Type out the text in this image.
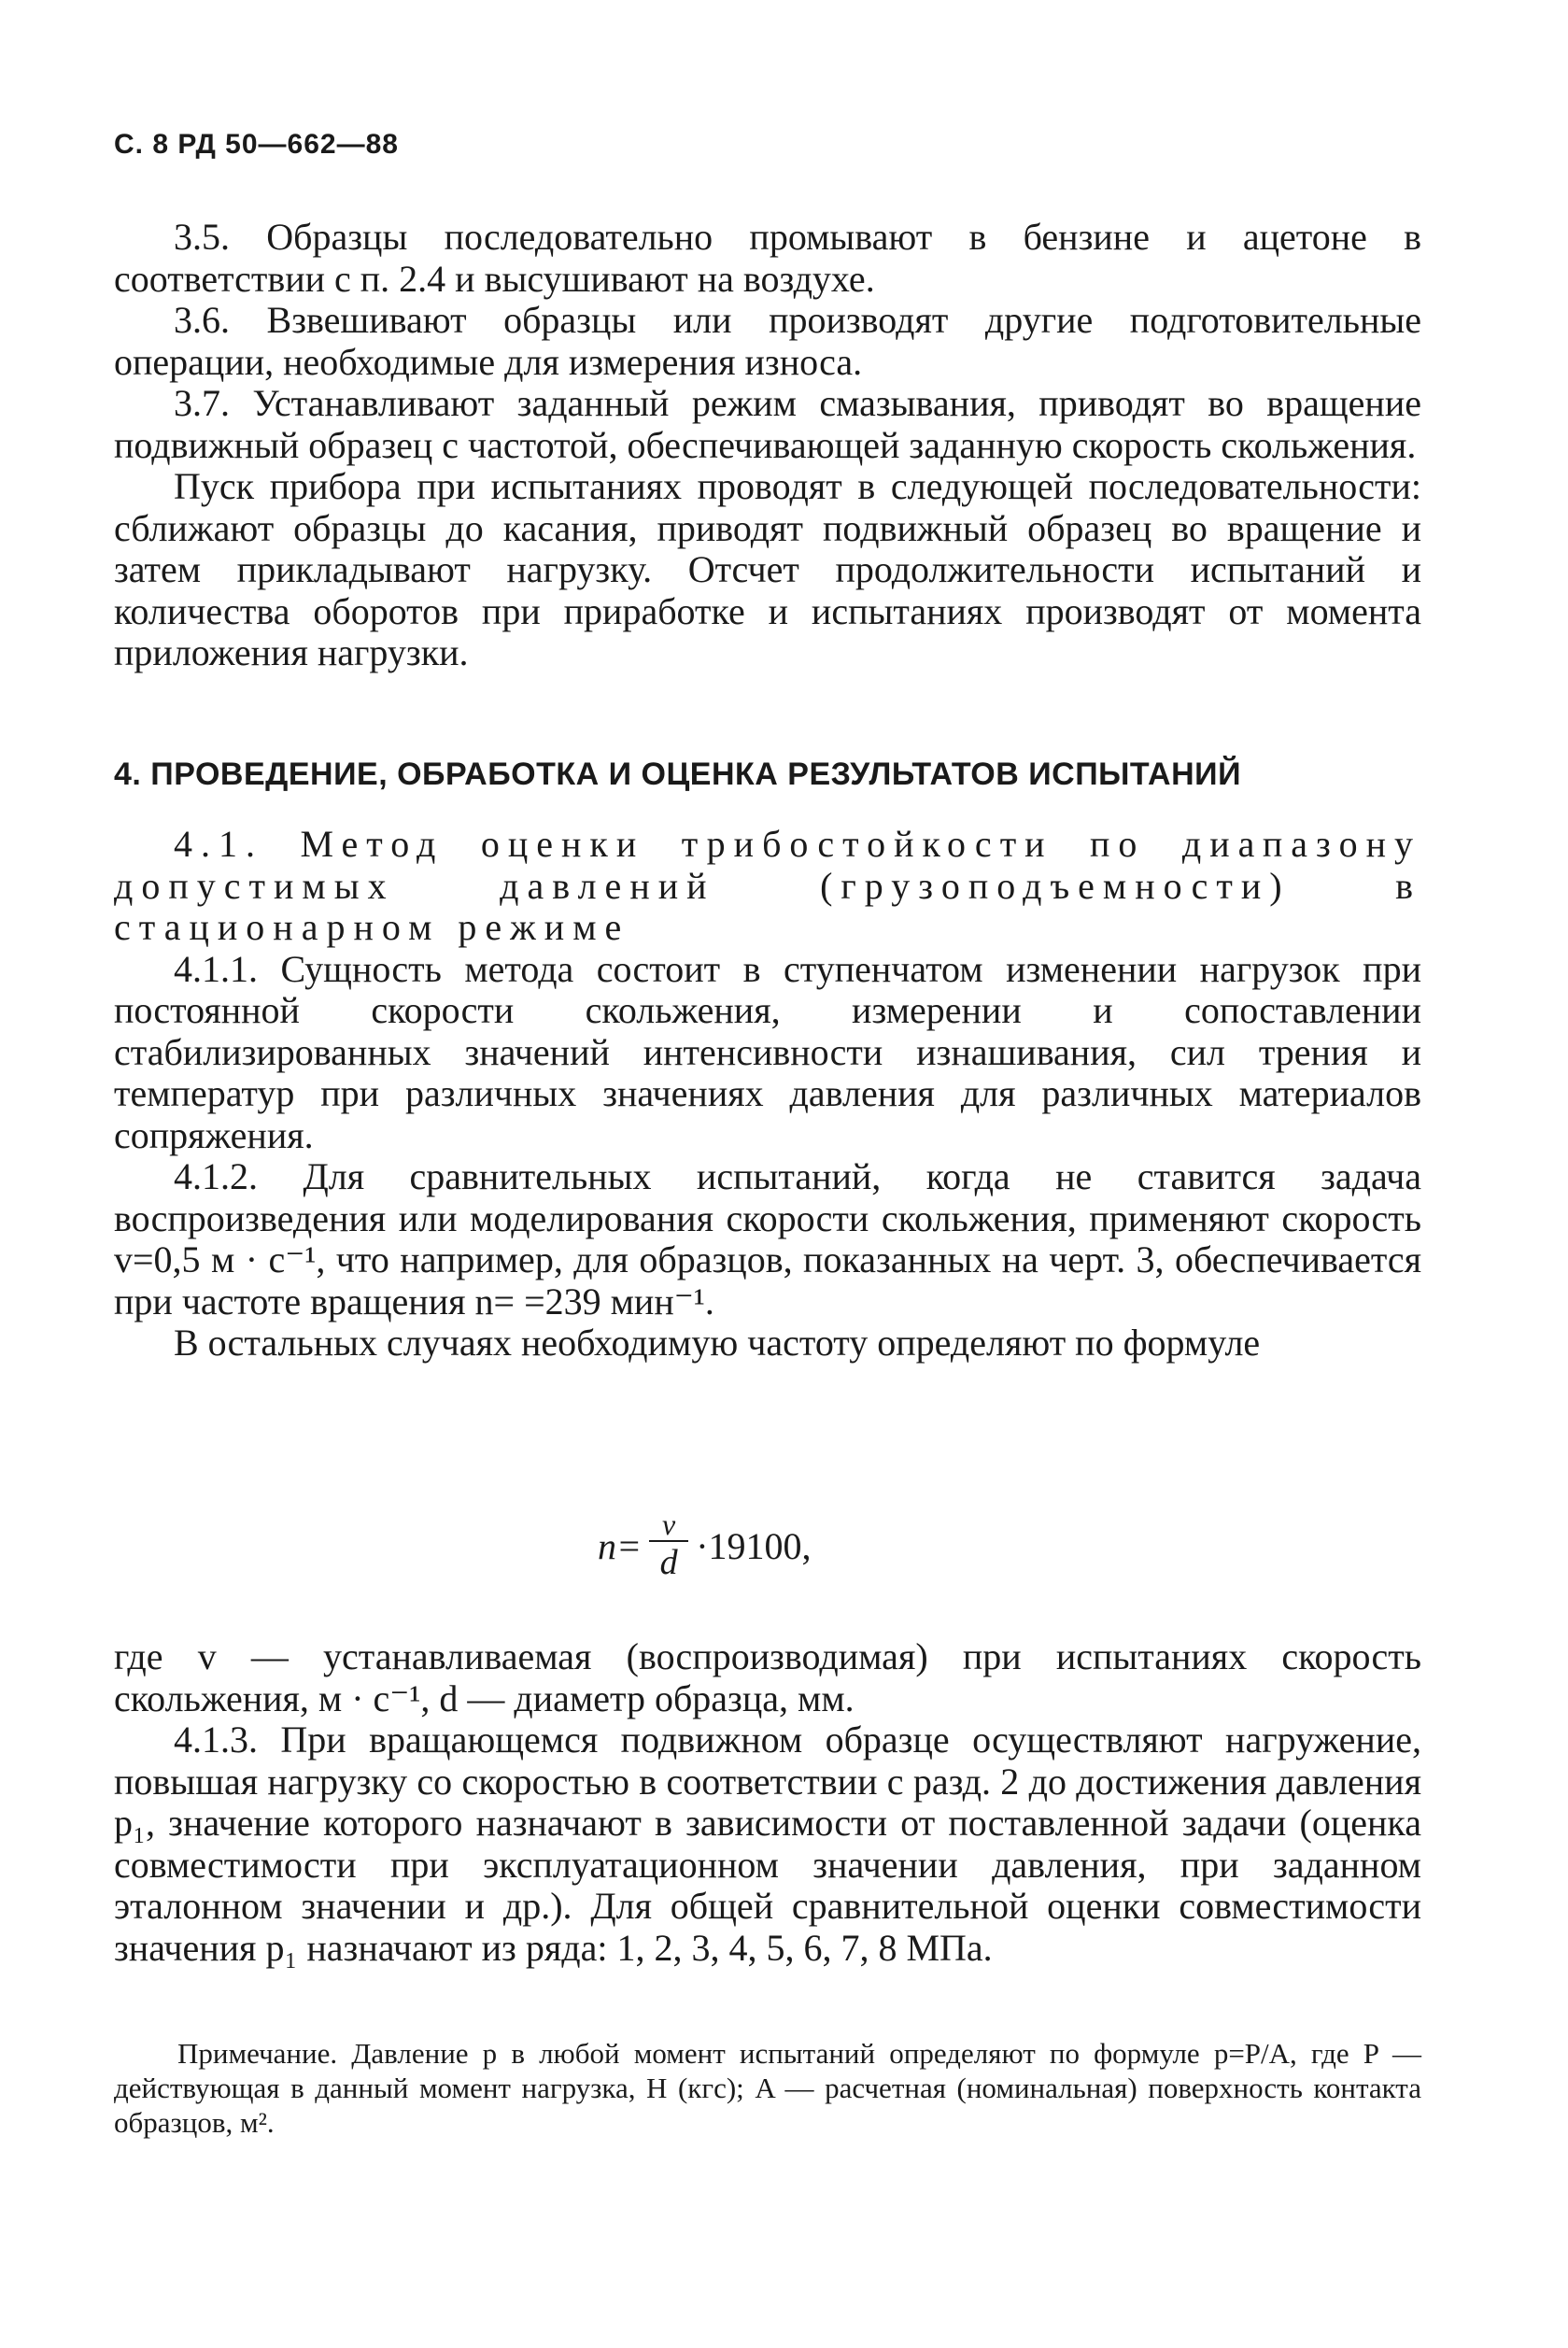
С. 8 РД 50—662—88

3.5. Образцы последовательно промывают в бензине и ацетоне в соответствии с п. 2.4 и высушивают на воздухе.

3.6. Взвешивают образцы или производят другие подготовительные операции, необходимые для измерения износа.

3.7. Устанавливают заданный режим смазывания, приводят во вращение подвижный образец с частотой, обеспечивающей заданную скорость скольжения.

Пуск прибора при испытаниях проводят в следующей последовательности: сближают образцы до касания, приводят подвижный образец во вращение и затем прикладывают нагрузку. Отсчет продолжительности испытаний и количества оборотов при приработке и испытаниях производят от момента приложения нагрузки.

4. ПРОВЕДЕНИЕ, ОБРАБОТКА И ОЦЕНКА РЕЗУЛЬТАТОВ ИСПЫТАНИЙ

4.1. Метод оценки трибостойкости по диапазону допустимых давлений (грузоподъемности) в стационарном режиме

4.1.1. Сущность метода состоит в ступенчатом изменении нагрузок при постоянной скорости скольжения, измерении и сопоставлении стабилизированных значений интенсивности изнашивания, сил трения и температур при различных значениях давления для различных материалов сопряжения.

4.1.2. Для сравнительных испытаний, когда не ставится задача воспроизведения или моделирования скорости скольжения, применяют скорость v=0,5 м · с⁻¹, что например, для образцов, показанных на черт. 3, обеспечивается при частоте вращения n= =239 мин⁻¹.

В остальных случаях необходимую частоту определяют по формуле

$n= \frac{v}{d} \cdot 19100$,

где v — устанавливаемая (воспроизводимая) при испытаниях скорость скольжения, м · с⁻¹, d — диаметр образца, мм.

4.1.3. При вращающемся подвижном образце осуществляют нагружение, повышая нагрузку со скоростью в соответствии с разд. 2 до достижения давления p₁, значение которого назначают в зависимости от поставленной задачи (оценка совместимости при эксплуатационном значении давления, при заданном эталонном значении и др.). Для общей сравнительной оценки совместимости значения p₁ назначают из ряда: 1, 2, 3, 4, 5, 6, 7, 8 МПа.

Примечание. Давление p в любой момент испытаний определяют по формуле p=P/A, где P — действующая в данный момент нагрузка, Н (кгс); A — расчетная (номинальная) поверхность контакта образцов, м².
